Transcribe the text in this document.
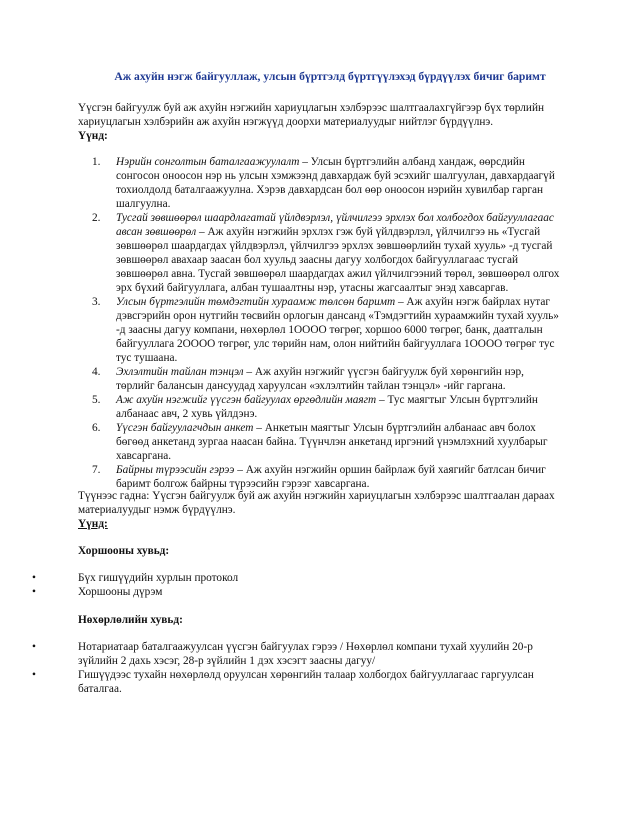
Аж ахуйн нэгж байгууллаж, улсын бүртгэлд бүртгүүлэхэд бүрдүүлэх бичиг баримт
Үүсгэн байгуулж буй аж ахуйн нэгжийн хариуцлагын хэлбэрээс шалтгаалахгүйгээр бүх төрлийн хариуцлагын хэлбэрийн аж ахуйн нэгжүүд доорхи материалуудыг нийтлэг бүрдүүлнэ.
Үүнд:
1. Нэрийн сонголтын баталгаажуулалт – Улсын бүртгэлийн албанд хандаж, өөрсдийн сонгосон оноосон нэр нь улсын хэмжээнд давхардаж буй эсэхийг шалгуулан, давхардаагүй тохиолдолд баталгаажуулна. Хэрэв давхардсан бол өөр оноосон нэрийн хувилбар гарган шалгуулна.
2. Тусгай зөвшөөрөл шаардлагатай үйлдвэрлэл, үйлчилгээ эрхлэх бол холбогдох байгууллагаас авсан зөвшөөрөл – Аж ахуйн нэгжийн эрхлэх гэж буй үйлдвэрлэл, үйлчилгээ нь «Тусгай зөвшөөрөл шаардагдах үйлдвэрлэл, үйлчилгээ эрхлэх зөвшөөрлийн тухай хууль» -д тусгай зөвшөөрөл авахаар заасан бол хуульд заасны дагуу холбогдох байгууллагаас тусгай зөвшөөрөл авна. Тусгай зөвшөөрөл шаардагдах ажил үйлчилгээний төрөл, зөвшөөрөл олгох эрх бүхий байгууллага, албан тушаалтны нэр, утасны жагсаалтыг энэд хавсаргав.
3. Улсын бүртгэлийн төмдэгтийн хураамж төлсөн баримт – Аж ахуйн нэгж байрлах нутаг дэвсгэрийн орон нутгийн төсвийн орлогын дансанд «Тэмдэгтийн хураамжийн тухай хууль» -д заасны дагуу компани, нөхөрлөл 1ОООО төгрөг, хоршоо 6000 төгрөг, банк, даатгалын байгууллага 2ОООО төгрөг, улс төрийн нам, олон нийтийн байгууллага 1ОООО төгрөг тус тус тушаана.
4. Эхлэлтийн тайлан тэнцэл – Аж ахуйн нэгжийг үүсгэн байгуулж буй хөрөнгийн нэр, төрлийг балансын дансуудад харуулсан «эхлэлтийн тайлан тэнцэл» -ийг гаргана.
5. Аж ахуйн нэгжийг үүсгэн байгуулах өргөдлийн маягт – Тус маягтыг Улсын бүртгэлийн албанаас авч, 2 хувь үйлдэнэ.
6. Үүсгэн байгуулагчдын анкет – Анкетын маягтыг Улсын бүртгэлийн албанаас авч болох бөгөөд анкетанд зургаа наасан байна. Түүнчлэн анкетанд иргэний үнэмлэхний хуулбарыг хавсаргана.
7. Байрны түрээсийн гэрээ – Аж ахуйн нэгжийн оршин байрлаж буй хаягийг батлсан бичиг баримт болгож байрны түрээсийн гэрээг хавсаргана.
Түүнээс гадна: Үүсгэн байгуулж буй аж ахуйн нэгжийн хариуцлагын хэлбэрээс шалтгаалан дараах материалуудыг нэмж бүрдүүлнэ.
Үүнд:
Хоршооны хувьд:
•	Бүх гишүүдийн хурлын протокол
•	Хоршооны дүрэм
Нөхөрлөлийн хувьд:
•	Нотариатаар баталгаажуулсан үүсгэн байгуулах гэрээ / Нөхөрлөл компани тухай хуулийн 20-р зүйлийн 2 дахь хэсэг, 28-р зүйлийн 1 дэх хэсэгт заасны дагуу/
•	Гишүүдээс тухайн нөхөрлөлд оруулсан хөрөнгийн талаар холбогдох байгууллагаас гаргуулсан баталгаа.
